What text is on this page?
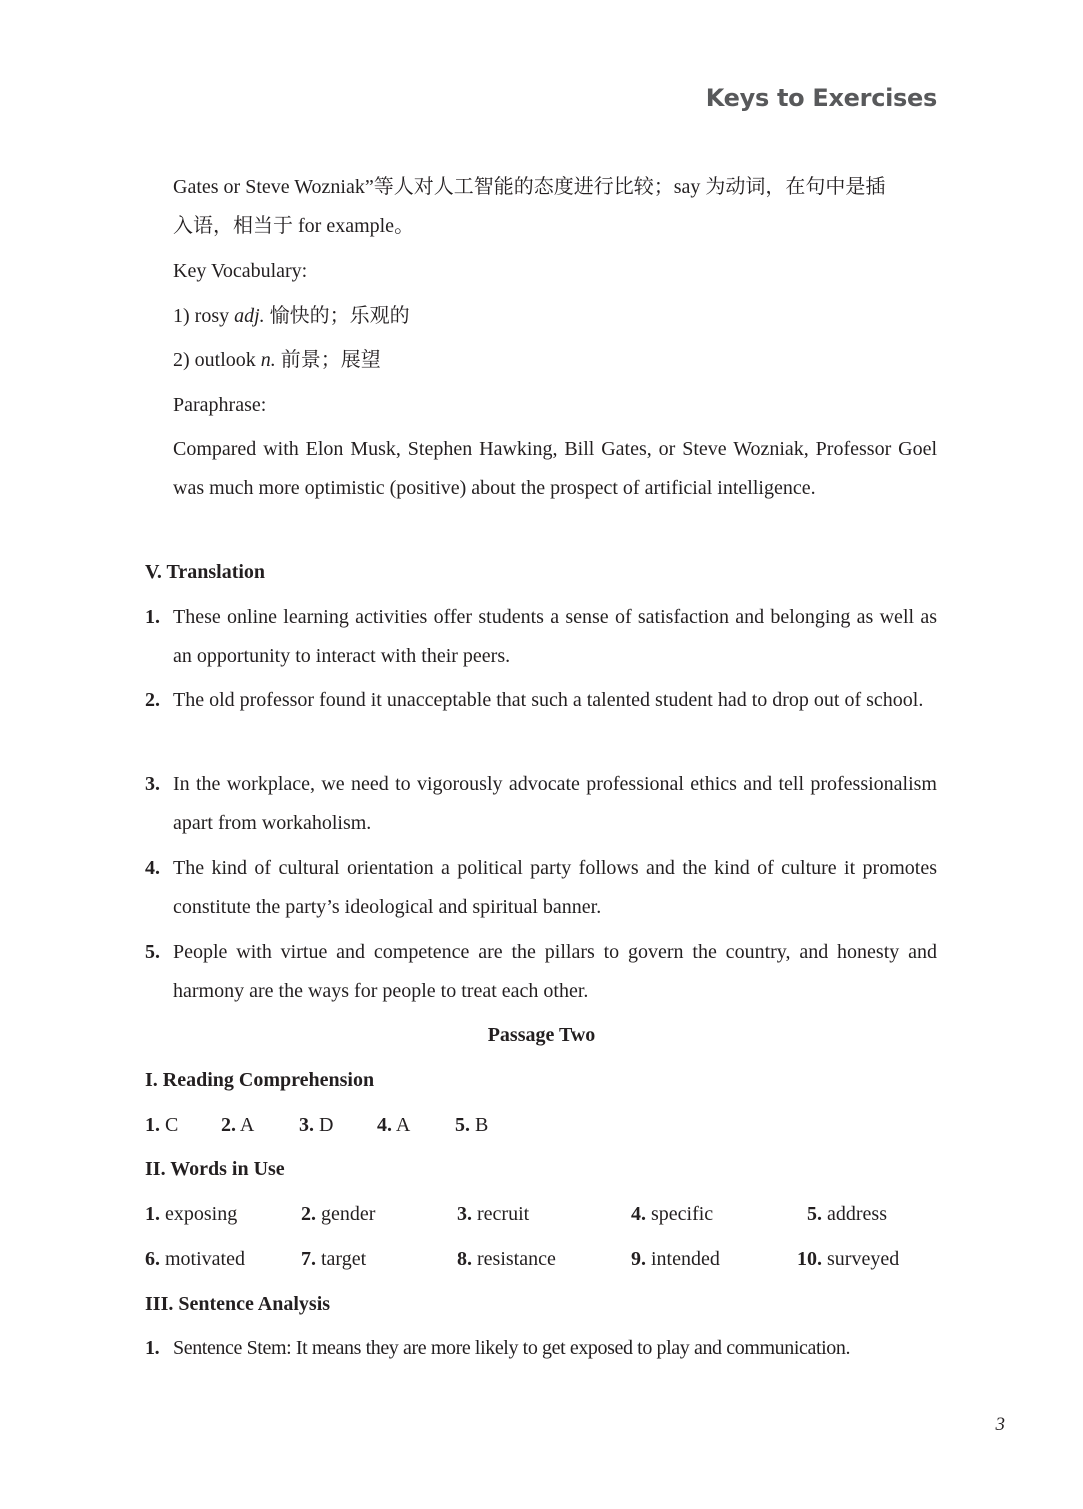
Keys to Exercises
Gates or Steve Wozniak”等人对人工智能的态度进行比较；say 为动词，在句中是插
入语，相当于 for example。
Key Vocabulary:
1) rosy adj. 愉快的；乐观的
2) outlook n. 前景；展望
Paraphrase:
Compared with Elon Musk, Stephen Hawking, Bill Gates, or Steve Wozniak, Professor Goel was much more optimistic (positive) about the prospect of artificial intelligence.
V. Translation
1. These online learning activities offer students a sense of satisfaction and belonging as well as an opportunity to interact with their peers.
2. The old professor found it unacceptable that such a talented student had to drop out of school.
3. In the workplace, we need to vigorously advocate professional ethics and tell professionalism apart from workaholism.
4. The kind of cultural orientation a political party follows and the kind of culture it promotes constitute the party’s ideological and spiritual banner.
5. People with virtue and competence are the pillars to govern the country, and honesty and harmony are the ways for people to treat each other.
Passage Two
I. Reading Comprehension
1. C 2. A 3. D 4. A 5. B
II. Words in Use
1. exposing	2. gender	3. recruit	4. specific	5. address
6. motivated	7. target	8. resistance	9. intended	10. surveyed
III. Sentence Analysis
1. Sentence Stem: It means they are more likely to get exposed to play and communication.
3
